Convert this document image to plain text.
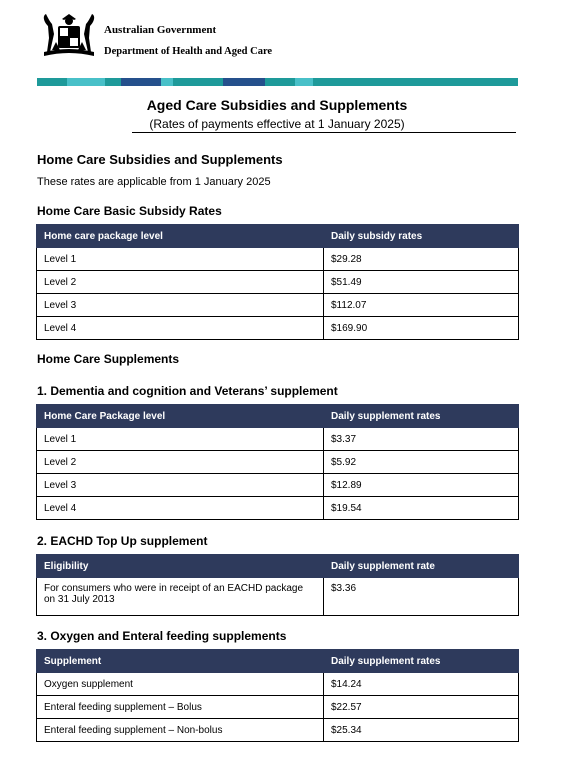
Australian Government
Department of Health and Aged Care
Aged Care Subsidies and Supplements
(Rates of payments effective at 1 January 2025)
Home Care Subsidies and Supplements
These rates are applicable from 1 January 2025
Home Care Basic Subsidy Rates
Home care package level	Daily subsidy rates
Level 1	$29.28
Level 2	$51.49
Level 3	$112.07
Level 4	$169.90
Home Care Supplements
1. Dementia and cognition and Veterans’ supplement
Home Care Package level	Daily supplement rates
Level 1	$3.37
Level 2	$5.92
Level 3	$12.89
Level 4	$19.54
2. EACHD Top Up supplement
Eligibility	Daily supplement rate
For consumers who were in receipt of an EACHD package on 31 July 2013	$3.36
3. Oxygen and Enteral feeding supplements
Supplement	Daily supplement rates
Oxygen supplement	$14.24
Enteral feeding supplement – Bolus	$22.57
Enteral feeding supplement – Non-bolus	$25.34
